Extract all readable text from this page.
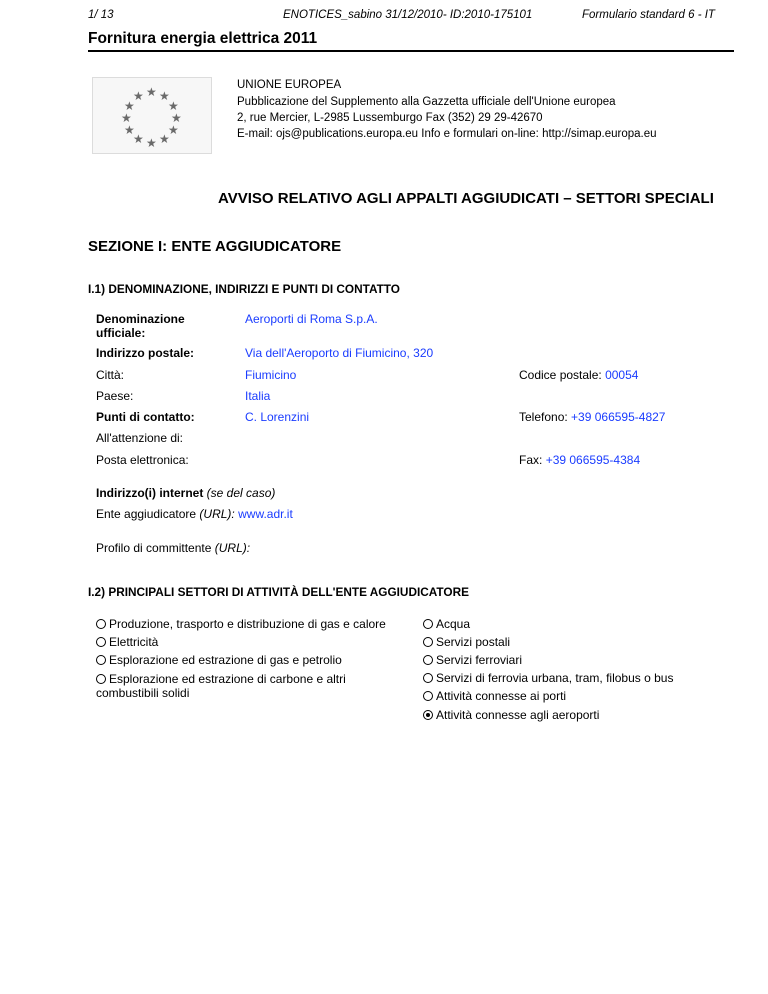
1/ 13	ENOTICES_sabino 31/12/2010- ID:2010-175101	Formulario standard 6 - IT
Fornitura energia elettrica 2011
★ ★
★
★
★
★
★
★
★
★
★
★
UNIONE EUROPEA
Pubblicazione del Supplemento alla Gazzetta ufficiale dell'Unione europea
2, rue Mercier, L-2985 Lussemburgo Fax (352) 29 29-42670
E-mail: ojs@publications.europa.eu Info e formulari on-line: http://simap.europa.eu
AVVISO RELATIVO AGLI APPALTI AGGIUDICATI – SETTORI SPECIALI
SEZIONE I: ENTE AGGIUDICATORE
I.1) DENOMINAZIONE, INDIRIZZI E PUNTI DI CONTATTO
Denominazione
ufficiale:
Aeroporti di Roma S.p.A.
Indirizzo postale:	Via dell'Aeroporto di Fiumicino, 320
Città:	Fiumicino	Codice postale: 00054
Paese:	Italia
Punti di contatto:	C. Lorenzini	Telefono: +39 066595-4827
All'attenzione di:
Posta elettronica:	Fax: +39 066595-4384
Indirizzo(i) internet (se del caso)
Ente aggiudicatore (URL): www.adr.it
Profilo di committente (URL):
I.2) PRINCIPALI SETTORI DI ATTIVITÀ DELL'ENTE AGGIUDICATORE
Produzione, trasporto e distribuzione di gas e calore
Elettricità
Esplorazione ed estrazione di gas e petrolio
Esplorazione ed estrazione di carbone e altri
combustibili solidi
Acqua
Servizi postali
Servizi ferroviari
Servizi di ferrovia urbana, tram, filobus o bus
Attività connesse ai porti
Attività connesse agli aeroporti
